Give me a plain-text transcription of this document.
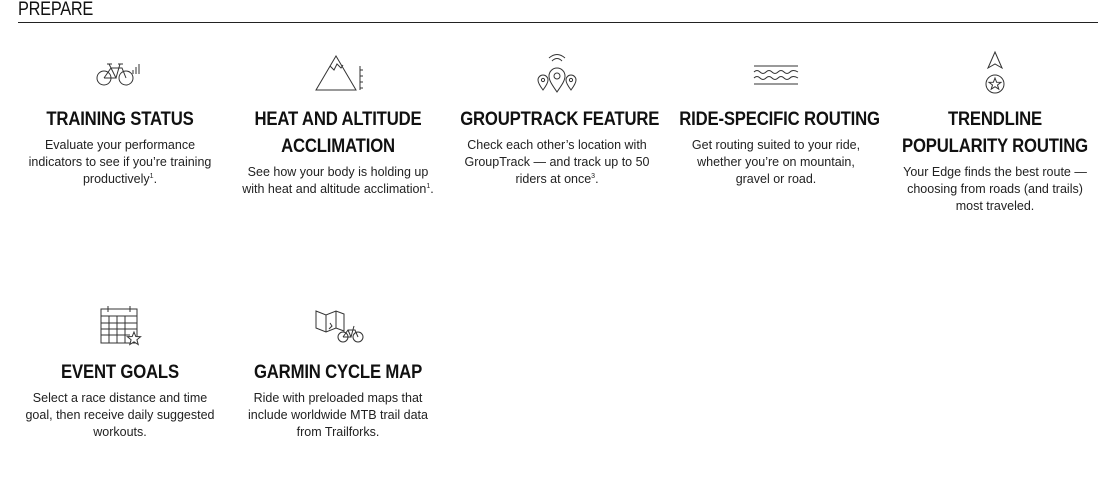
PREPARE
TRAINING STATUS
Evaluate your performance indicators to see if you’re training productively$^1$.
HEAT AND ALTITUDE ACCLIMATION
See how your body is holding up with heat and altitude acclimation$^1$.
GROUPTRACK FEATURE
Check each other’s location with GroupTrack — and track up to 50 riders at once$^3$.
RIDE-SPECIFIC ROUTING
Get routing suited to your ride, whether you’re on mountain, gravel or road.
TRENDLINE POPULARITY ROUTING
Your Edge finds the best route — choosing from roads (and trails) most traveled.
EVENT GOALS
Select a race distance and time goal, then receive daily suggested workouts.
GARMIN CYCLE MAP
Ride with preloaded maps that include worldwide MTB trail data from Trailforks.
